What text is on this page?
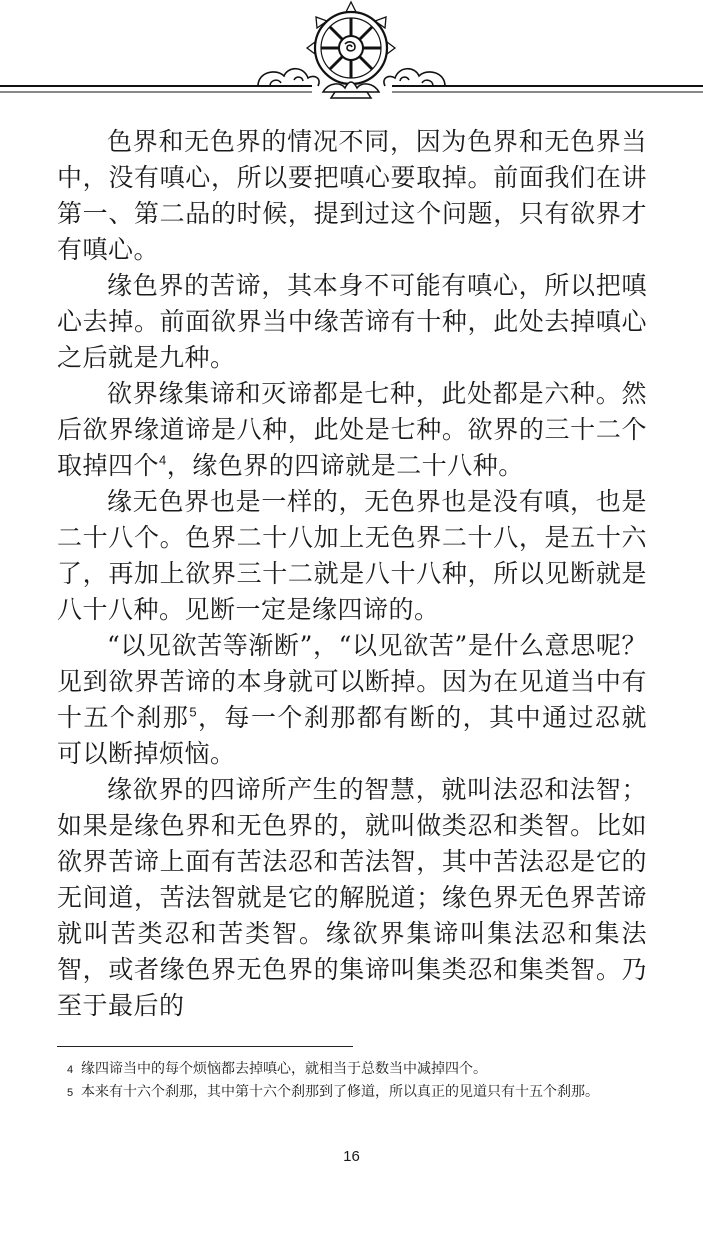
色界和无色界的情况不同，因为色界和无色界当中，没有嗔心，所以要把嗔心要取掉。前面我们在讲第一、第二品的时候，提到过这个问题，只有欲界才有嗔心。

缘色界的苦谛，其本身不可能有嗔心，所以把嗔心去掉。前面欲界当中缘苦谛有十种，此处去掉嗔心之后就是九种。

欲界缘集谛和灭谛都是七种，此处都是六种。然后欲界缘道谛是八种，此处是七种。欲界的三十二个取掉四个$^4$，缘色界的四谛就是二十八种。

缘无色界也是一样的，无色界也是没有嗔，也是二十八个。色界二十八加上无色界二十八，是五十六了，再加上欲界三十二就是八十八种，所以见断就是八十八种。见断一定是缘四谛的。

“以见欲苦等渐断”，“以见欲苦”是什么意思呢？见到欲界苦谛的本身就可以断掉。因为在见道当中有十五个刹那$^5$，每一个刹那都有断的，其中通过忍就可以断掉烦恼。

缘欲界的四谛所产生的智慧，就叫法忍和法智；如果是缘色界和无色界的，就叫做类忍和类智。比如欲界苦谛上面有苦法忍和苦法智，其中苦法忍是它的无间道，苦法智就是它的解脱道；缘色界无色界苦谛就叫苦类忍和苦类智。缘欲界集谛叫集法忍和集法智，或者缘色界无色界的集谛叫集类忍和集类智。乃至于最后的

4 缘四谛当中的每个烦恼都去掉嗔心，就相当于总数当中减掉四个。

5 本来有十六个刹那，其中第十六个刹那到了修道，所以真正的见道只有十五个刹那。

16
